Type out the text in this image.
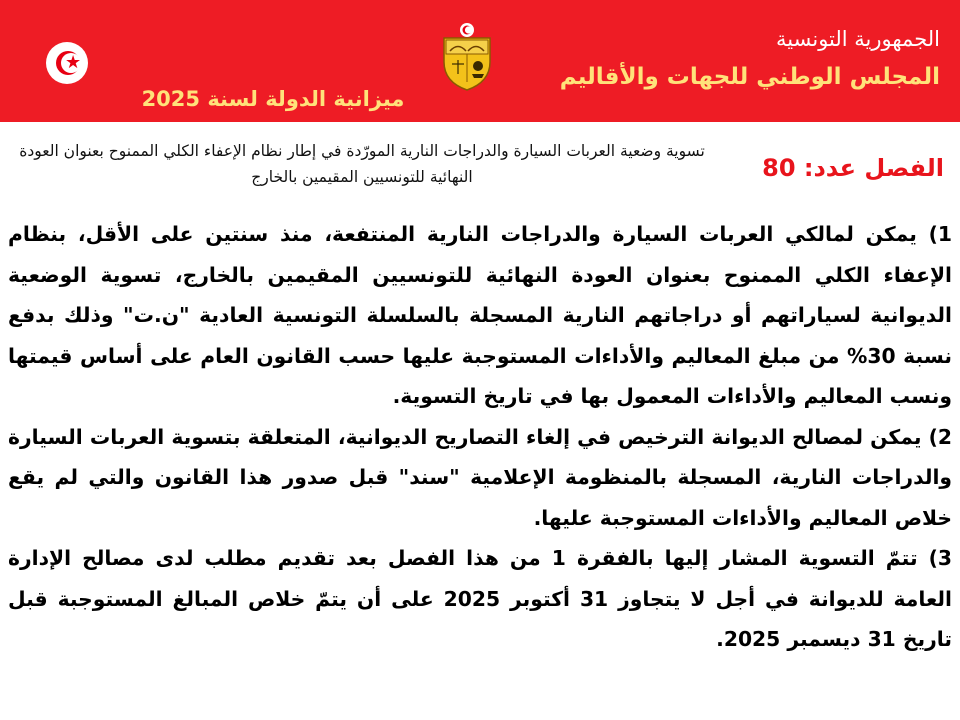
★
ميزانية الدولة لسنة 2025
الجمهورية التونسية
المجلس الوطني للجهات والأقاليم
الفصل عدد: 80
تسوية وضعية العربات السيارة والدراجات النارية المورّدة في إطار نظام الإعفاء الكلي الممنوح بعنوان العودة النهائية للتونسيين المقيمين بالخارج
1) يمكن لمالكي العربات السيارة والدراجات النارية المنتفعة، منذ سنتين على الأقل، بنظام الإعفاء الكلي الممنوح بعنوان العودة النهائية للتونسيين المقيمين بالخارج، تسوية الوضعية الديوانية لسياراتهم أو دراجاتهم النارية المسجلة بالسلسلة التونسية العادية "ن.ت" وذلك بدفع نسبة 30% من مبلغ المعاليم والأداءات المستوجبة عليها حسب القانون العام على أساس قيمتها ونسب المعاليم والأداءات المعمول بها في تاريخ التسوية.
2) يمكن لمصالح الديوانة الترخيص في إلغاء التصاريح الديوانية، المتعلقة بتسوية العربات السيارة والدراجات النارية، المسجلة بالمنظومة الإعلامية "سند" قبل صدور هذا القانون والتي لم يقع خلاص المعاليم والأداءات المستوجبة عليها.
3) تتمّ التسوية المشار إليها بالفقرة 1 من هذا الفصل بعد تقديم مطلب لدى مصالح الإدارة العامة للديوانة في أجل لا يتجاوز 31 أكتوبر 2025 على أن يتمّ خلاص المبالغ المستوجبة قبل تاريخ 31 ديسمبر 2025.
